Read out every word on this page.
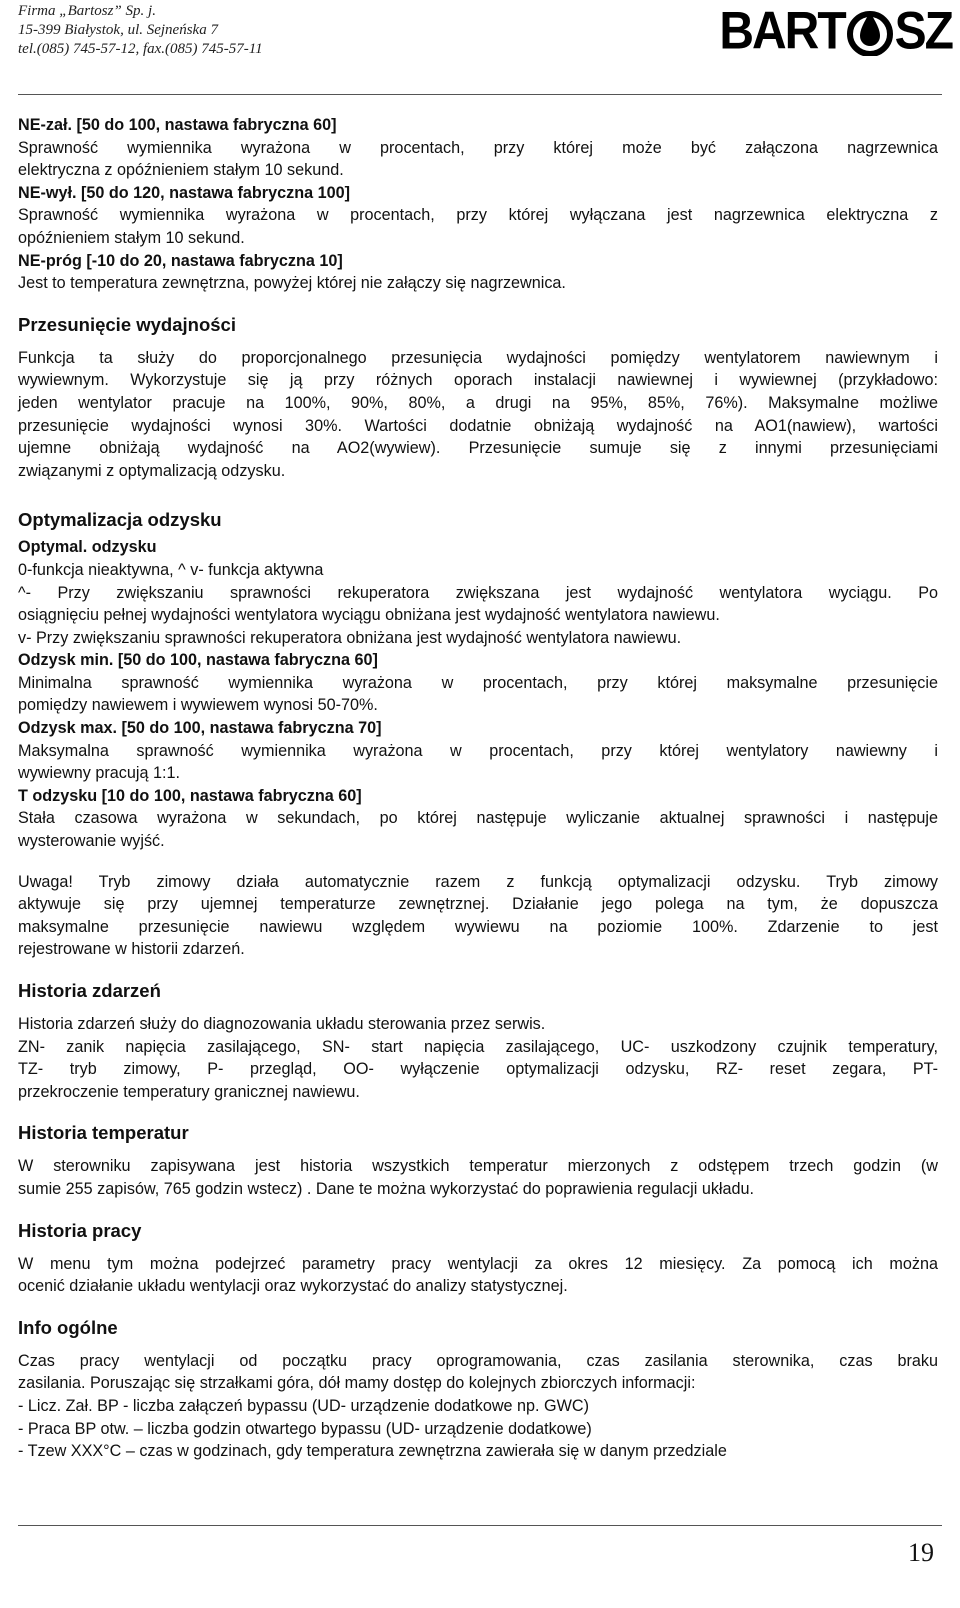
Firma „Bartosz” Sp. j.
15-399 Białystok, ul. Sejneńska 7
tel.(085) 745-57-12, fax.(085) 745-57-11	BART SZ

NE-zał. [50 do 100, nastawa fabryczna 60]

Sprawność wymiennika wyrażona w procentach, przy której może być załączona nagrzewnica

elektryczna z opóźnieniem stałym 10 sekund.

NE-wył. [50 do 120, nastawa fabryczna 100]

Sprawność wymiennika wyrażona w procentach, przy której wyłączana jest nagrzewnica elektryczna z

opóźnieniem stałym 10 sekund.

NE-próg [-10 do 20, nastawa fabryczna 10]

Jest to temperatura zewnętrzna, powyżej której nie załączy się nagrzewnica.

Przesunięcie wydajności

Funkcja ta służy do proporcjonalnego przesunięcia wydajności pomiędzy wentylatorem nawiewnym i

wywiewnym. Wykorzystuje się ją przy różnych oporach instalacji nawiewnej i wywiewnej (przykładowo:

jeden wentylator pracuje na 100%, 90%, 80%, a drugi na 95%, 85%, 76%). Maksymalne możliwe

przesunięcie wydajności wynosi 30%. Wartości dodatnie obniżają wydajność na AO1(nawiew), wartości

ujemne obniżają wydajność na AO2(wywiew). Przesunięcie sumuje się z innymi przesunięciami

związanymi z optymalizacją odzysku.

Optymalizacja odzysku

Optymal. odzysku

0-funkcja nieaktywna, ^ v- funkcja aktywna

^- Przy zwiększaniu sprawności rekuperatora zwiększana jest wydajność wentylatora wyciągu. Po

osiągnięciu pełnej wydajności wentylatora wyciągu obniżana jest wydajność wentylatora nawiewu.

v- Przy zwiększaniu sprawności rekuperatora obniżana jest wydajność wentylatora nawiewu.

Odzysk min. [50 do 100, nastawa fabryczna 60]

Minimalna sprawność wymiennika wyrażona w procentach, przy której maksymalne przesunięcie

pomiędzy nawiewem i wywiewem wynosi 50-70%.

Odzysk max. [50 do 100, nastawa fabryczna 70]

Maksymalna sprawność wymiennika wyrażona w procentach, przy której wentylatory nawiewny i

wywiewny pracują 1:1.

T odzysku [10 do 100, nastawa fabryczna 60]

Stała czasowa wyrażona w sekundach, po której następuje wyliczanie aktualnej sprawności i następuje

wysterowanie wyjść.

Uwaga! Tryb zimowy działa automatycznie razem z funkcją optymalizacji odzysku. Tryb zimowy

aktywuje się przy ujemnej temperaturze zewnętrznej. Działanie jego polega na tym, że dopuszcza

maksymalne przesunięcie nawiewu względem wywiewu na poziomie 100%. Zdarzenie to jest

rejestrowane w historii zdarzeń.

Historia zdarzeń

Historia zdarzeń służy do diagnozowania układu sterowania przez serwis.

ZN- zanik napięcia zasilającego, SN- start napięcia zasilającego, UC- uszkodzony czujnik temperatury,

TZ- tryb zimowy, P- przegląd, OO- wyłączenie optymalizacji odzysku, RZ- reset zegara, PT-

przekroczenie temperatury granicznej nawiewu.

Historia temperatur

W sterowniku zapisywana jest historia wszystkich temperatur mierzonych z odstępem trzech godzin (w

sumie 255 zapisów, 765 godzin wstecz) . Dane te można wykorzystać do poprawienia regulacji układu.

Historia pracy

W menu tym można podejrzeć parametry pracy wentylacji za okres 12 miesięcy. Za pomocą ich można

ocenić działanie układu wentylacji oraz wykorzystać do analizy statystycznej.

Info ogólne

Czas pracy wentylacji od początku pracy oprogramowania, czas zasilania sterownika, czas braku

zasilania. Poruszając się strzałkami góra, dół mamy dostęp do kolejnych zbiorczych informacji:

- Licz. Zał. BP - liczba załączeń bypassu (UD- urządzenie dodatkowe np. GWC)

- Praca BP otw. – liczba godzin otwartego bypassu (UD- urządzenie dodatkowe)

- Tzew XXX°C – czas w godzinach, gdy temperatura zewnętrzna zawierała się w danym przedziale

19
